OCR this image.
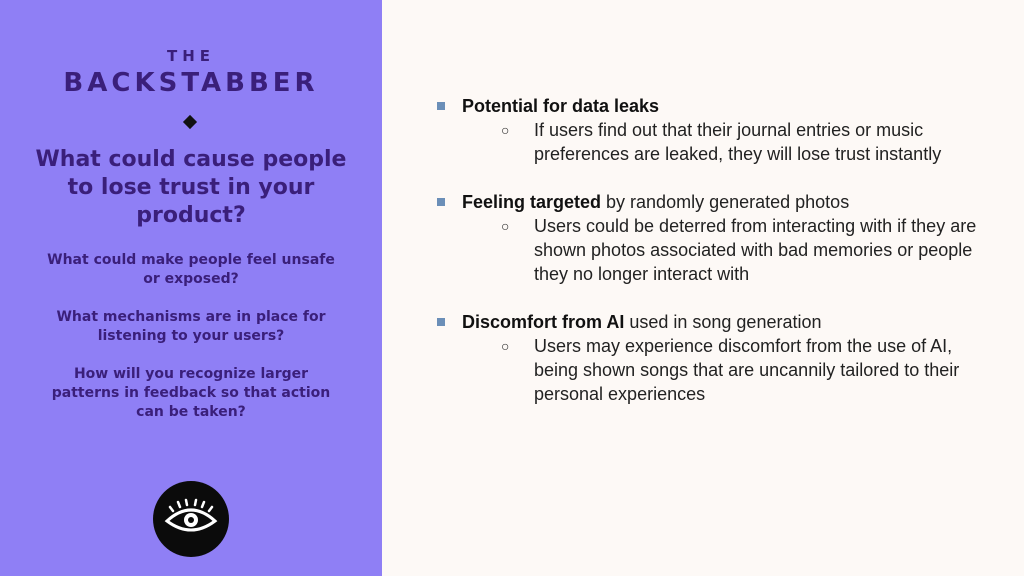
THE
BACKSTABBER
What could cause people to lose trust in your product?
What could make people feel unsafe or exposed?
What mechanisms are in place for listening to your users?
How will you recognize larger patterns in feedback so that action can be taken?
Potential for data leaks
○ If users find out that their journal entries or music preferences are leaked, they will lose trust instantly
Feeling targeted by randomly generated photos
○ Users could be deterred from interacting with if they are shown photos associated with bad memories or people they no longer interact with
Discomfort from AI used in song generation
○ Users may experience discomfort from the use of AI, being shown songs that are uncannily tailored to their personal experiences
